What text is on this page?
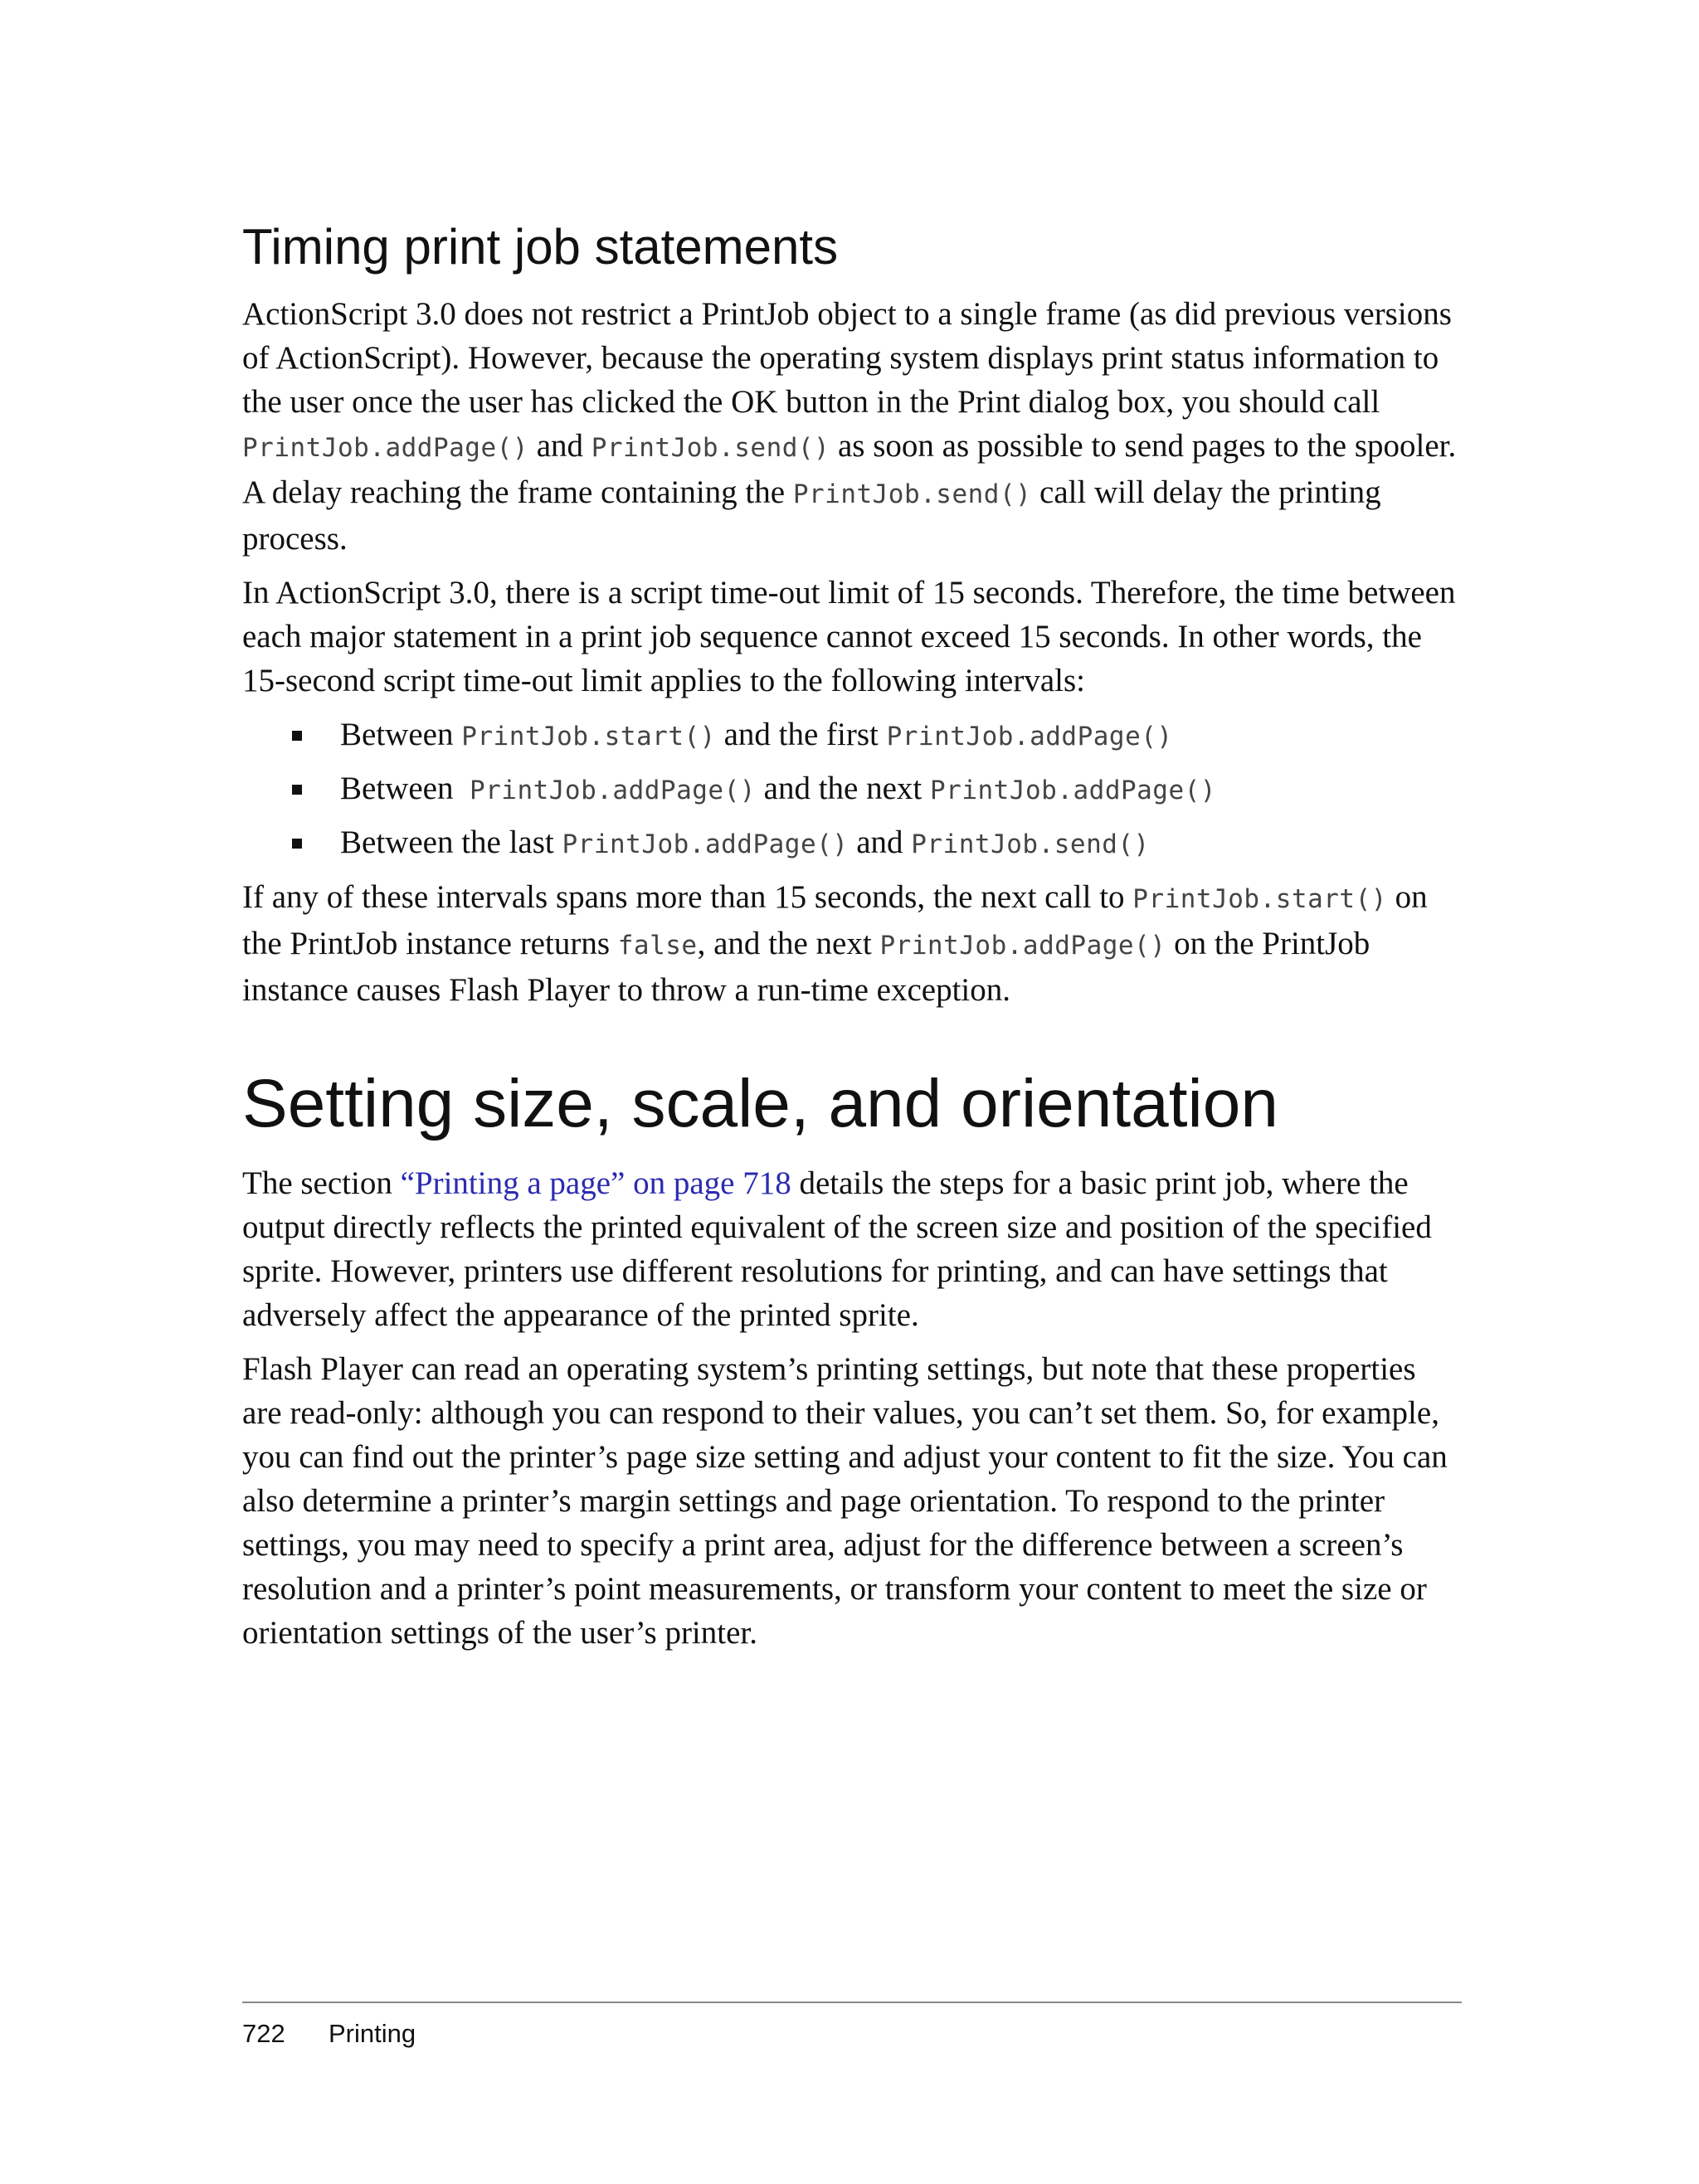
Timing print job statements

ActionScript 3.0 does not restrict a PrintJob object to a single frame (as did previous versions of ActionScript). However, because the operating system displays print status information to the user once the user has clicked the OK button in the Print dialog box, you should call PrintJob.addPage() and PrintJob.send() as soon as possible to send pages to the spooler. A delay reaching the frame containing the PrintJob.send() call will delay the printing process.

In ActionScript 3.0, there is a script time-out limit of 15 seconds. Therefore, the time between each major statement in a print job sequence cannot exceed 15 seconds. In other words, the 15-second script time-out limit applies to the following intervals:

Between PrintJob.start() and the first PrintJob.addPage()
Between  PrintJob.addPage() and the next PrintJob.addPage()
Between the last PrintJob.addPage() and PrintJob.send()

If any of these intervals spans more than 15 seconds, the next call to PrintJob.start() on the PrintJob instance returns false, and the next PrintJob.addPage() on the PrintJob instance causes Flash Player to throw a run-time exception.

Setting size, scale, and orientation

The section “Printing a page” on page 718 details the steps for a basic print job, where the output directly reflects the printed equivalent of the screen size and position of the specified sprite. However, printers use different resolutions for printing, and can have settings that adversely affect the appearance of the printed sprite.

Flash Player can read an operating system’s printing settings, but note that these properties are read-only: although you can respond to their values, you can’t set them. So, for example, you can find out the printer’s page size setting and adjust your content to fit the size. You can also determine a printer’s margin settings and page orientation. To respond to the printer settings, you may need to specify a print area, adjust for the difference between a screen’s resolution and a printer’s point measurements, or transform your content to meet the size or orientation settings of the user’s printer.

722 Printing
